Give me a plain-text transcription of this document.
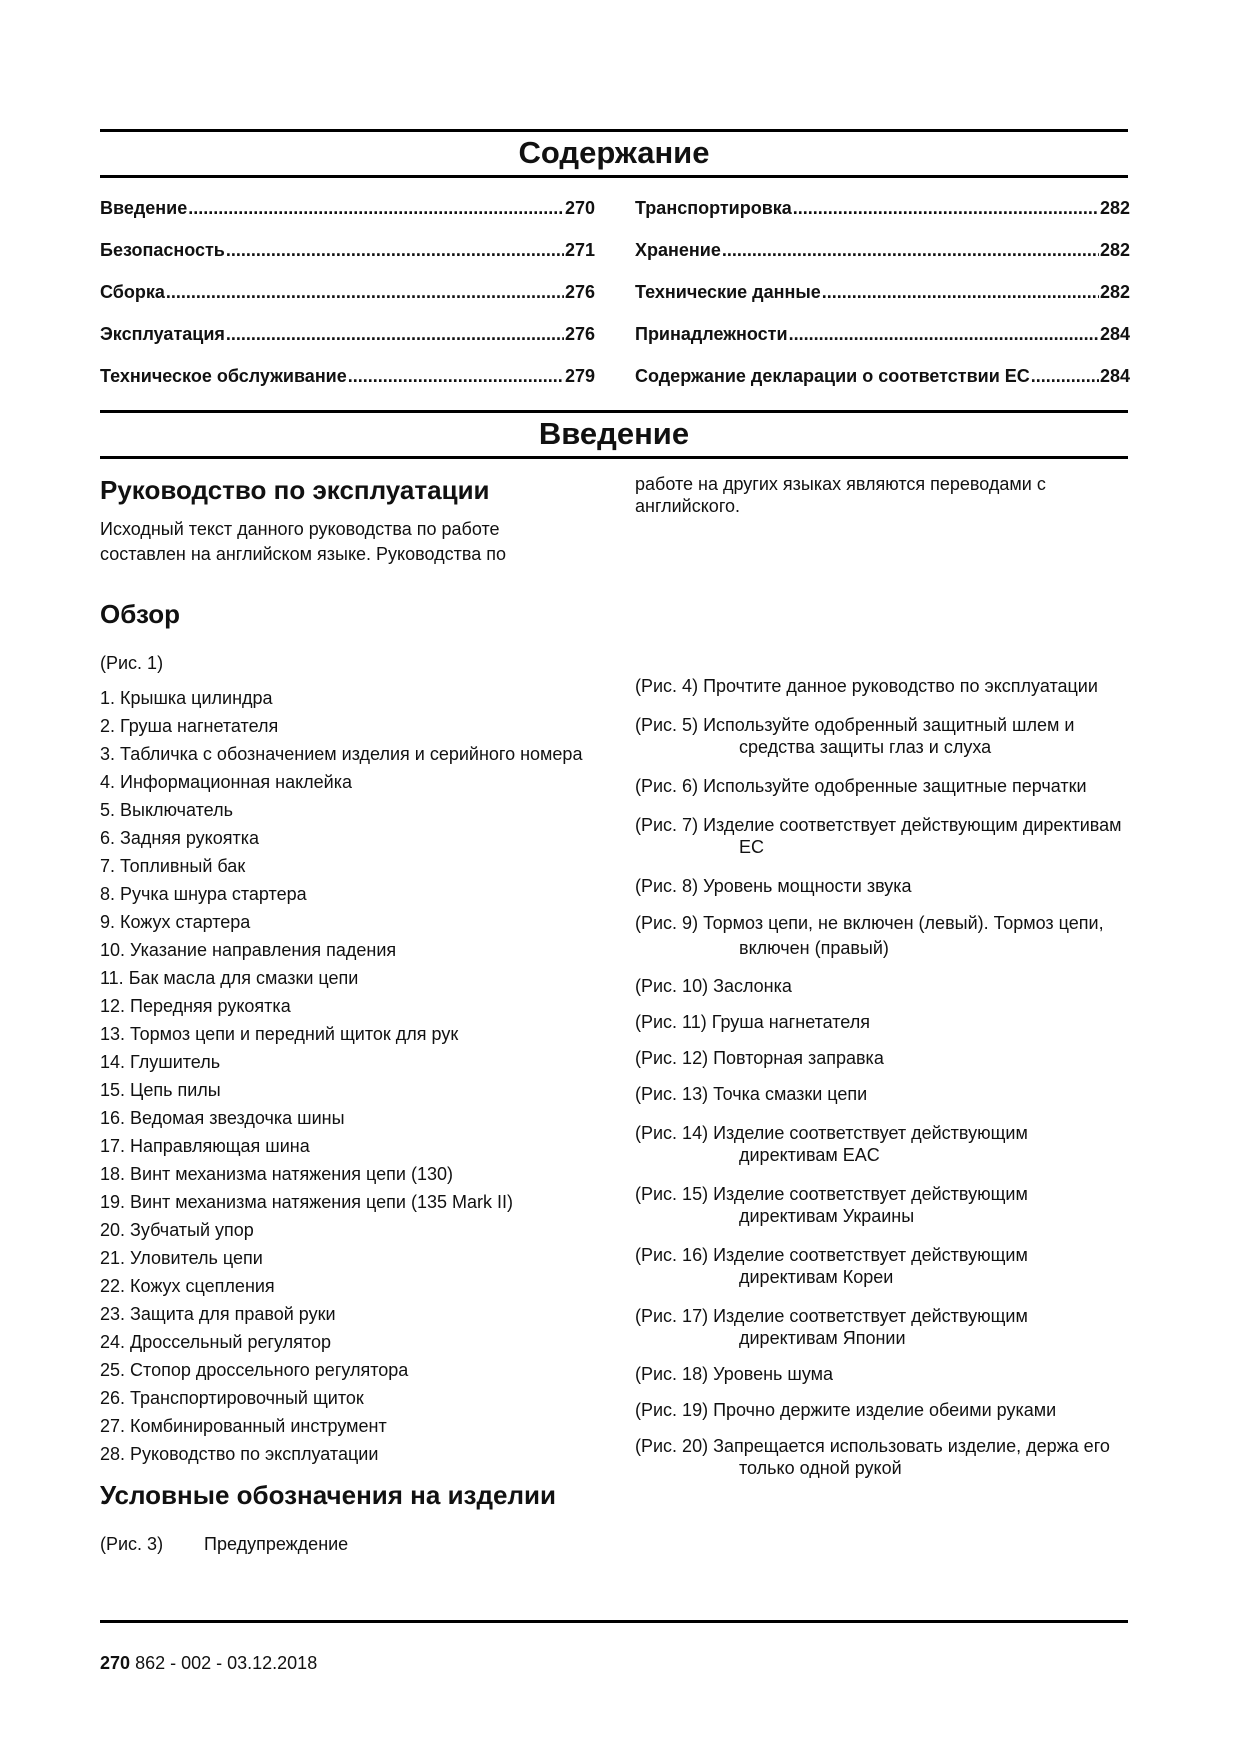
Содержание
Введение .....	270
Безопасность .....	271
Сборка .....	276
Эксплуатация .....	276
Техническое обслуживание .....	279
Транспортировка .....	282
Хранение .....	282
Технические данные .....	282
Принадлежности .....	284
Содержание декларации о соответствии ЕС .....	284
Введение
Руководство по эксплуатации

Исходный текст данного руководства по работе составлен на английском языке. Руководства по

Обзор

(Рис. 1)

1. Крышка цилиндра
2. Груша нагнетателя
3. Табличка с обозначением изделия и серийного номера
4. Информационная наклейка
5. Выключатель
6. Задняя рукоятка
7. Топливный бак
8. Ручка шнура стартера
9. Кожух стартера
10. Указание направления падения
11. Бак масла для смазки цепи
12. Передняя рукоятка
13. Тормоз цепи и передний щиток для рук
14. Глушитель
15. Цепь пилы
16. Ведомая звездочка шины
17. Направляющая шина
18. Винт механизма натяжения цепи (130)
19. Винт механизма натяжения цепи (135 Mark II)
20. Зубчатый упор
21. Уловитель цепи
22. Кожух сцепления
23. Защита для правой руки
24. Дроссельный регулятор
25. Стопор дроссельного регулятора
26. Транспортировочный щиток
27. Комбинированный инструмент
28. Руководство по эксплуатации
Условные обозначения на изделии
(Рис. 3)	Предупреждение

работе на других языках являются переводами с английского.

(Рис. 4) Прочтите данное руководство по эксплуатации
(Рис. 5) Используйте одобренный защитный шлем и средства защиты глаз и слуха
(Рис. 6) Используйте одобренные защитные перчатки
(Рис. 7) Изделие соответствует действующим директивам ЕС
(Рис. 8) Уровень мощности звука
(Рис. 9) Тормоз цепи, не включен (левый). Тормоз цепи, включен (правый)
(Рис. 10) Заслонка
(Рис. 11) Груша нагнетателя
(Рис. 12) Повторная заправка
(Рис. 13) Точка смазки цепи
(Рис. 14) Изделие соответствует действующим директивам EAC
(Рис. 15) Изделие соответствует действующим директивам Украины
(Рис. 16) Изделие соответствует действующим директивам Кореи
(Рис. 17) Изделие соответствует действующим директивам Японии
(Рис. 18) Уровень шума
(Рис. 19) Прочно держите изделие обеими руками
(Рис. 20) Запрещается использовать изделие, держа его только одной рукой
270 862 - 002 - 03.12.2018
